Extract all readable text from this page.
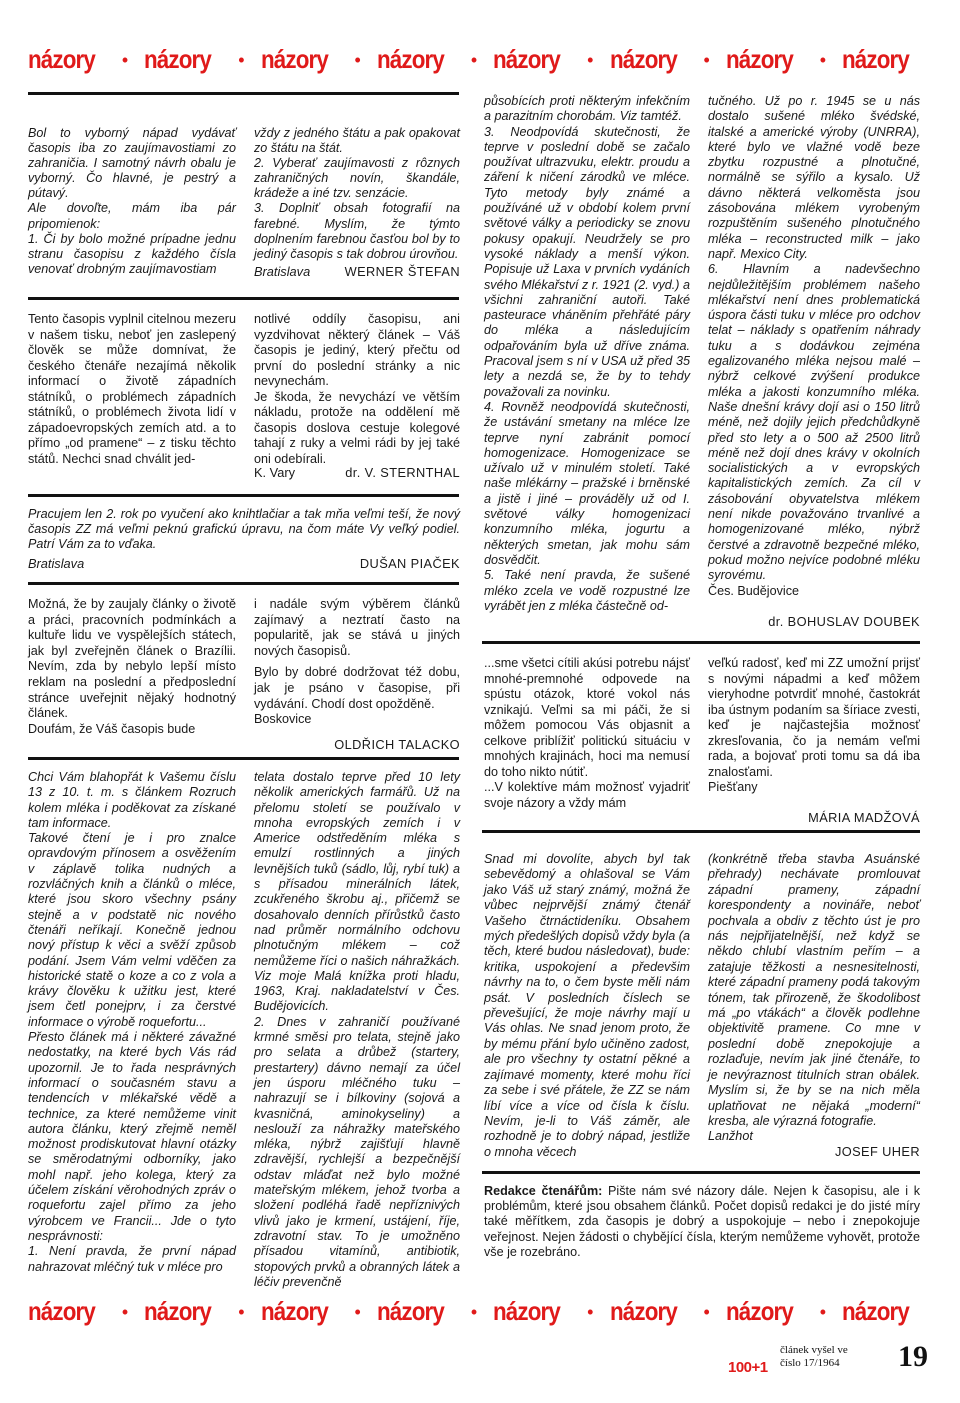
názory • názory • názory • názory • názory • názory • názory • názory

Bol to vyborný nápad vydávať časopis iba zo zaujímavostiami zo zahraničia. I samotný návrh obalu je vyborný. Čo hlavné, je pestrý a pútavý.

Ale dovoľte, mám iba pár pripomienok:

1. Či by bolo možné prípadne jednu stranu časopisu z každého čísla venovať drobným zaujímavostiam

Tento časopis vyplnil citelnou mezeru v našem tisku, neboť jen zaslepený člověk se může domnívat, že českého čtenáře nezajímá několik informací o životě západních státníků, o problémech západních státníků, o problémech života lidí v západoevropských zemích atd. a to přímo „od pramene“ – z tisku těchto států. Nechci snad chválit jed-

Pracujem len 2. rok po vyučení ako knihtlačiar a tak mňa veľmi teší, že nový časopis ZZ má veľmi peknú grafickú úpravu, na čom máte Vy veľký podiel. Patrí Vám za to vďaka.

Bratislava	DUŠAN PIAČEK

Možná, že by zaujaly články o životě a práci, pracovních podmínkách a kultuře lidu ve vyspělejších státech, jak byl zveřejněn článek o Brazílii. Nevím, zda by nebylo lepší místo reklam na poslední a předposlední stránce uveřejnit nějaký hodnotný článek.

Doufám, že Váš časopis bude

Chci Vám blahopřát k Vašemu číslu 13 z 10. t. m. s článkem Rozruch kolem mléka i poděkovat za získané tam informace.

Takové čtení je i pro znalce opravdovým přínosem a osvěžením v záplavě tolika nudných a rozvláčných knih a článků o mléce, které jsou skoro všechny psány stejně a v podstatě nic nového čtenáři neříkají. Konečně jednou nový přístup k věci a svěží způsob podání. Jsem Vám velmi vděčen za historické statě o koze a co z vola a krávy člověku k užitku jest, které jsem četl ponejprv, i za čerstvé informace o výrobě roquefortu...

Přesto článek má i některé závažné nedostatky, na které bych Vás rád upozornil. Je to řada nesprávných informací o současném stavu a tendencích v mlékařské vědě a technice, za které nemůžeme vinit autora článku, který zřejmě neměl možnost prodiskutovat hlavní otázky se směrodatnými odborníky, jako mohl např. jeho kolega, který za účelem získání věrohodných zpráv o roquefortu zajel přímo za jeho výrobcem ve Francii... Jde o tyto nesprávnosti:

1. Není pravda, že první nápad nahrazovat mléčný tuk v mléce pro

vždy z jedného štátu a pak opakovat zo štátu na štát.

2. Vyberať zaujímavosti z rôznych zahraničných novín, škandále, krádeže a iné tzv. senzácie.

3. Doplniť obsah fotografií na farebné. Myslím, že týmto doplnením farebnou časťou bol by to jediný časopis s tak dobrou úrovňou.

Bratislava	WERNER ŠTEFAN

notlivé oddíly časopisu, ani vyzdvihovat některý článek – Váš časopis je jediný, který přečtu od první do poslední stránky a nic nevynechám.

Je škoda, že nevychází ve větším nákladu, protože na oddělení mě časopis doslova cestuje kolegové tahají z ruky a velmi rádi by jej také oni odebírali.

K. Vary	dr. V. STERNTHAL

i nadále svým výběrem článků zajímavý a neztratí často na popularitě, jak se stává u jiných nových časopisů.

Bylo by dobré dodržovat též dobu, jak je psáno v časopise, při vydávání. Chodí dost opožděně.

Boskovice

OLDŘICH TALACKO

telata dostalo teprve před 10 lety několik amerických farmářů. Už na přelomu století se používalo v mnoha evropských zemích i v Americe odstředěním mléka s emulzí rostlinných a jiných levnějších tuků (sádlo, lůj, rybí tuk) a s přísadou minerálních látek, zcukřeného škrobu aj., přičemž se dosahovalo denních přírůstků často nad průměr normálního odchovu plnotučným mlékem – což nemůžeme říci o našich náhražkách. Viz moje Malá knížka proti hladu, 1963, Kraj. nakladatelství v Čes. Budějovicích.

2. Dnes v zahraničí používané krmné směsi pro telata, stejně jako pro selata a drůbež (startery, prestartery) dávno nemají za účel jen úsporu mléčného tuku – nahrazují se i bílkoviny (sojová a kvasničná, aminokyseliny) a neslouží za náhražky mateřského mléka, nýbrž zajišťují hlavně zdravější, rychlejší a bezpečnější odstav mláďat než bylo možné mateřským mlékem, jehož tvorba a složení podléhá řadě nepříznivých vlivů jako je krmení, ustájení, říje, zdravotní stav. To je umožněno přísadou vitamínů, antibiotik, stopových prvků a obranných látek a léčiv prevenčně

působících proti některým infekčním a parazitním chorobám. Viz tamtéž.

3. Neodpovídá skutečnosti, že teprve v poslední době se začalo používat ultrazvuku, elektr. proudu a záření k ničení zárodků ve mléce. Tyto metody byly známé a používáné už v období kolem první světové války a periodicky se znovu pokusy opakují. Neudržely se pro vysoké náklady a menší výkon. Popisuje už Laxa v prvních vydáních svého Mlékařství z r. 1921 (2. vyd.) a všichni zahraniční autoři. Také pasteurace vháněním přehřáté páry do mléka a následujícím odpařováním byla už dříve známa. Pracoval jsem s ní v USA už před 35 lety a nezdá se, že by to tehdy považovali za novinku.

4. Rovněž neodpovídá skutečnosti, že ustávání smetany na mléce lze teprve nyní zabránit pomocí homogenizace. Homogenizace se užívalo už v minulém století. Také naše mlékárny – pražské i brněnské a jistě i jiné – prováděly už od I. světové války homogenizaci konzumního mléka, jogurtu a některých smetan, jak mohu sám dosvědčit.

5. Také není pravda, že sušené mléko zcela ve vodě rozpustné lze vyrábět jen z mléka částečně od-

...sme všetci cítili akúsi potrebu nájsť mnohé-premnohé odpovede na spústu otázok, ktoré vokol nás vznikajú. Veľmi sa mi páči, že si môžem pomocou Vás objasnit a celkove priblížiť politickú situáciu v mnohých krajinách, hoci ma nemusí do toho nikto nútiť.

...V kolektíve mám možnosť vyjadriť svoje názory a vždy mám

Snad mi dovolíte, abych byl tak sebevědomý a ohlašoval se Vám jako Váš už starý známý, možná že vůbec nejprvější známý čtenář Vašeho čtrnáctideníku. Obsahem mých předešlých dopisů vždy byla (a těch, které budou následovat), bude: kritika, uspokojení a předevšim návrhy na to, o čem byste měli nám psát. V posledních číslech se převešující, že moje návrhy mají u Vás ohlas. Ne snad jenom proto, že by mému přání bylo učiněno zadost, ale pro všechny ty ostatní pěkné a zajímavé momenty, které mohu říci za sebe i své přátele, že ZZ se nám líbí více a více od čísla k číslu. Nevím, je-li to Váš záměr, ale rozhodně je to dobrý nápad, jestliže o mnoha věcech

tučného. Už po r. 1945 se u nás dostalo sušené mléko švédské, italské a americké výroby (UNRRA), které bylo ve vlažné vodě beze zbytku rozpustné a plnotučné, normálně se sýřilo a kysalo. Už dávno některá velkoměsta jsou zásobována mlékem vyrobeným rozpuštěním sušeného plnotučného mléka – reconstructed milk – jako např. Mexico City.

6. Hlavním a nadevšechno nejdůležitějším problémem našeho mlékařství není dnes problematická úspora části tuku v mléce pro odchov telat – náklady s opatřením náhrady tuku a s dodávkou zejména egalizovaného mléka nejsou malé – nýbrž celkové zvýšení produkce mléka a jakosti konzumního mléka. Naše dnešní krávy dojí asi o 150 litrů méně, než dojily jejich předchůdkyně před sto lety a o 500 až 2500 litrů méně než dojí dnes krávy v okolních socialistických a v evropských kapitalistických zemích. Za cíl v zásobování obyvatelstva mlékem není nikde považováno trvanlivé a homogenizované mléko, nýbrž čerstvé a zdravotně bezpečné mléko, pokud možno nejvíce podobné mléku syrovému.

Čes. Budějovice

dr. BOHUSLAV DOUBEK

veľkú radosť, keď mi ZZ umožní prijsť s novými nápadmi a keď môžem vieryhodne potvrdiť mnohé, častokrát iba ústnym podaním sa šíriace zvesti, keď je najčastejšia možnosť zkresľovania, čo ja nemám veľmi rada, a bojovať proti tomu sa dá iba znalosťami.

Piešťany

MÁRIA MADŽOVÁ

(konkrétně třeba stavba Asuánské přehrady) nechávate promlouvat západní prameny, západní korespondenty a novináře, neboť pochvala a obdiv z těchto úst je pro nás nejpřijatelnější, než když se někdo chlubí vlastním peřím – a zatajuje těžkosti a nesnesitelnosti, které západní prameny podá takovým tónem, tak přirozeně, že škodolibost má „po vtákách“ a člověk podlehne objektivitě pramene. Co mne v poslední době znepokojuje a rozlaďuje, nevím jak jiné čtenáře, to je nevýraznost titulních stran obálek. Myslím si, že by se na nich měla uplatňovat ne nějaká „moderní“ kresba, ale výrazná fotografie.

Lanžhot

JOSEF UHER
Redakce čtenářům: Pište nám své názory dále. Nejen k časopisu, ale i k problémům, které jsou obsahem článků. Počet dopisů redakci je do jisté míry také měřítkem, zda časopis je dobrý a uspokojuje – nebo i znepokojuje veřejnost. Nejen žádosti o chybějící čísla, kterým nemůžeme vyhovět, protože vše je rozebráno.
názory • názory • názory • názory • názory • názory • názory • názory
článek vyšel ve
číslo 17/1964
100+1	19
